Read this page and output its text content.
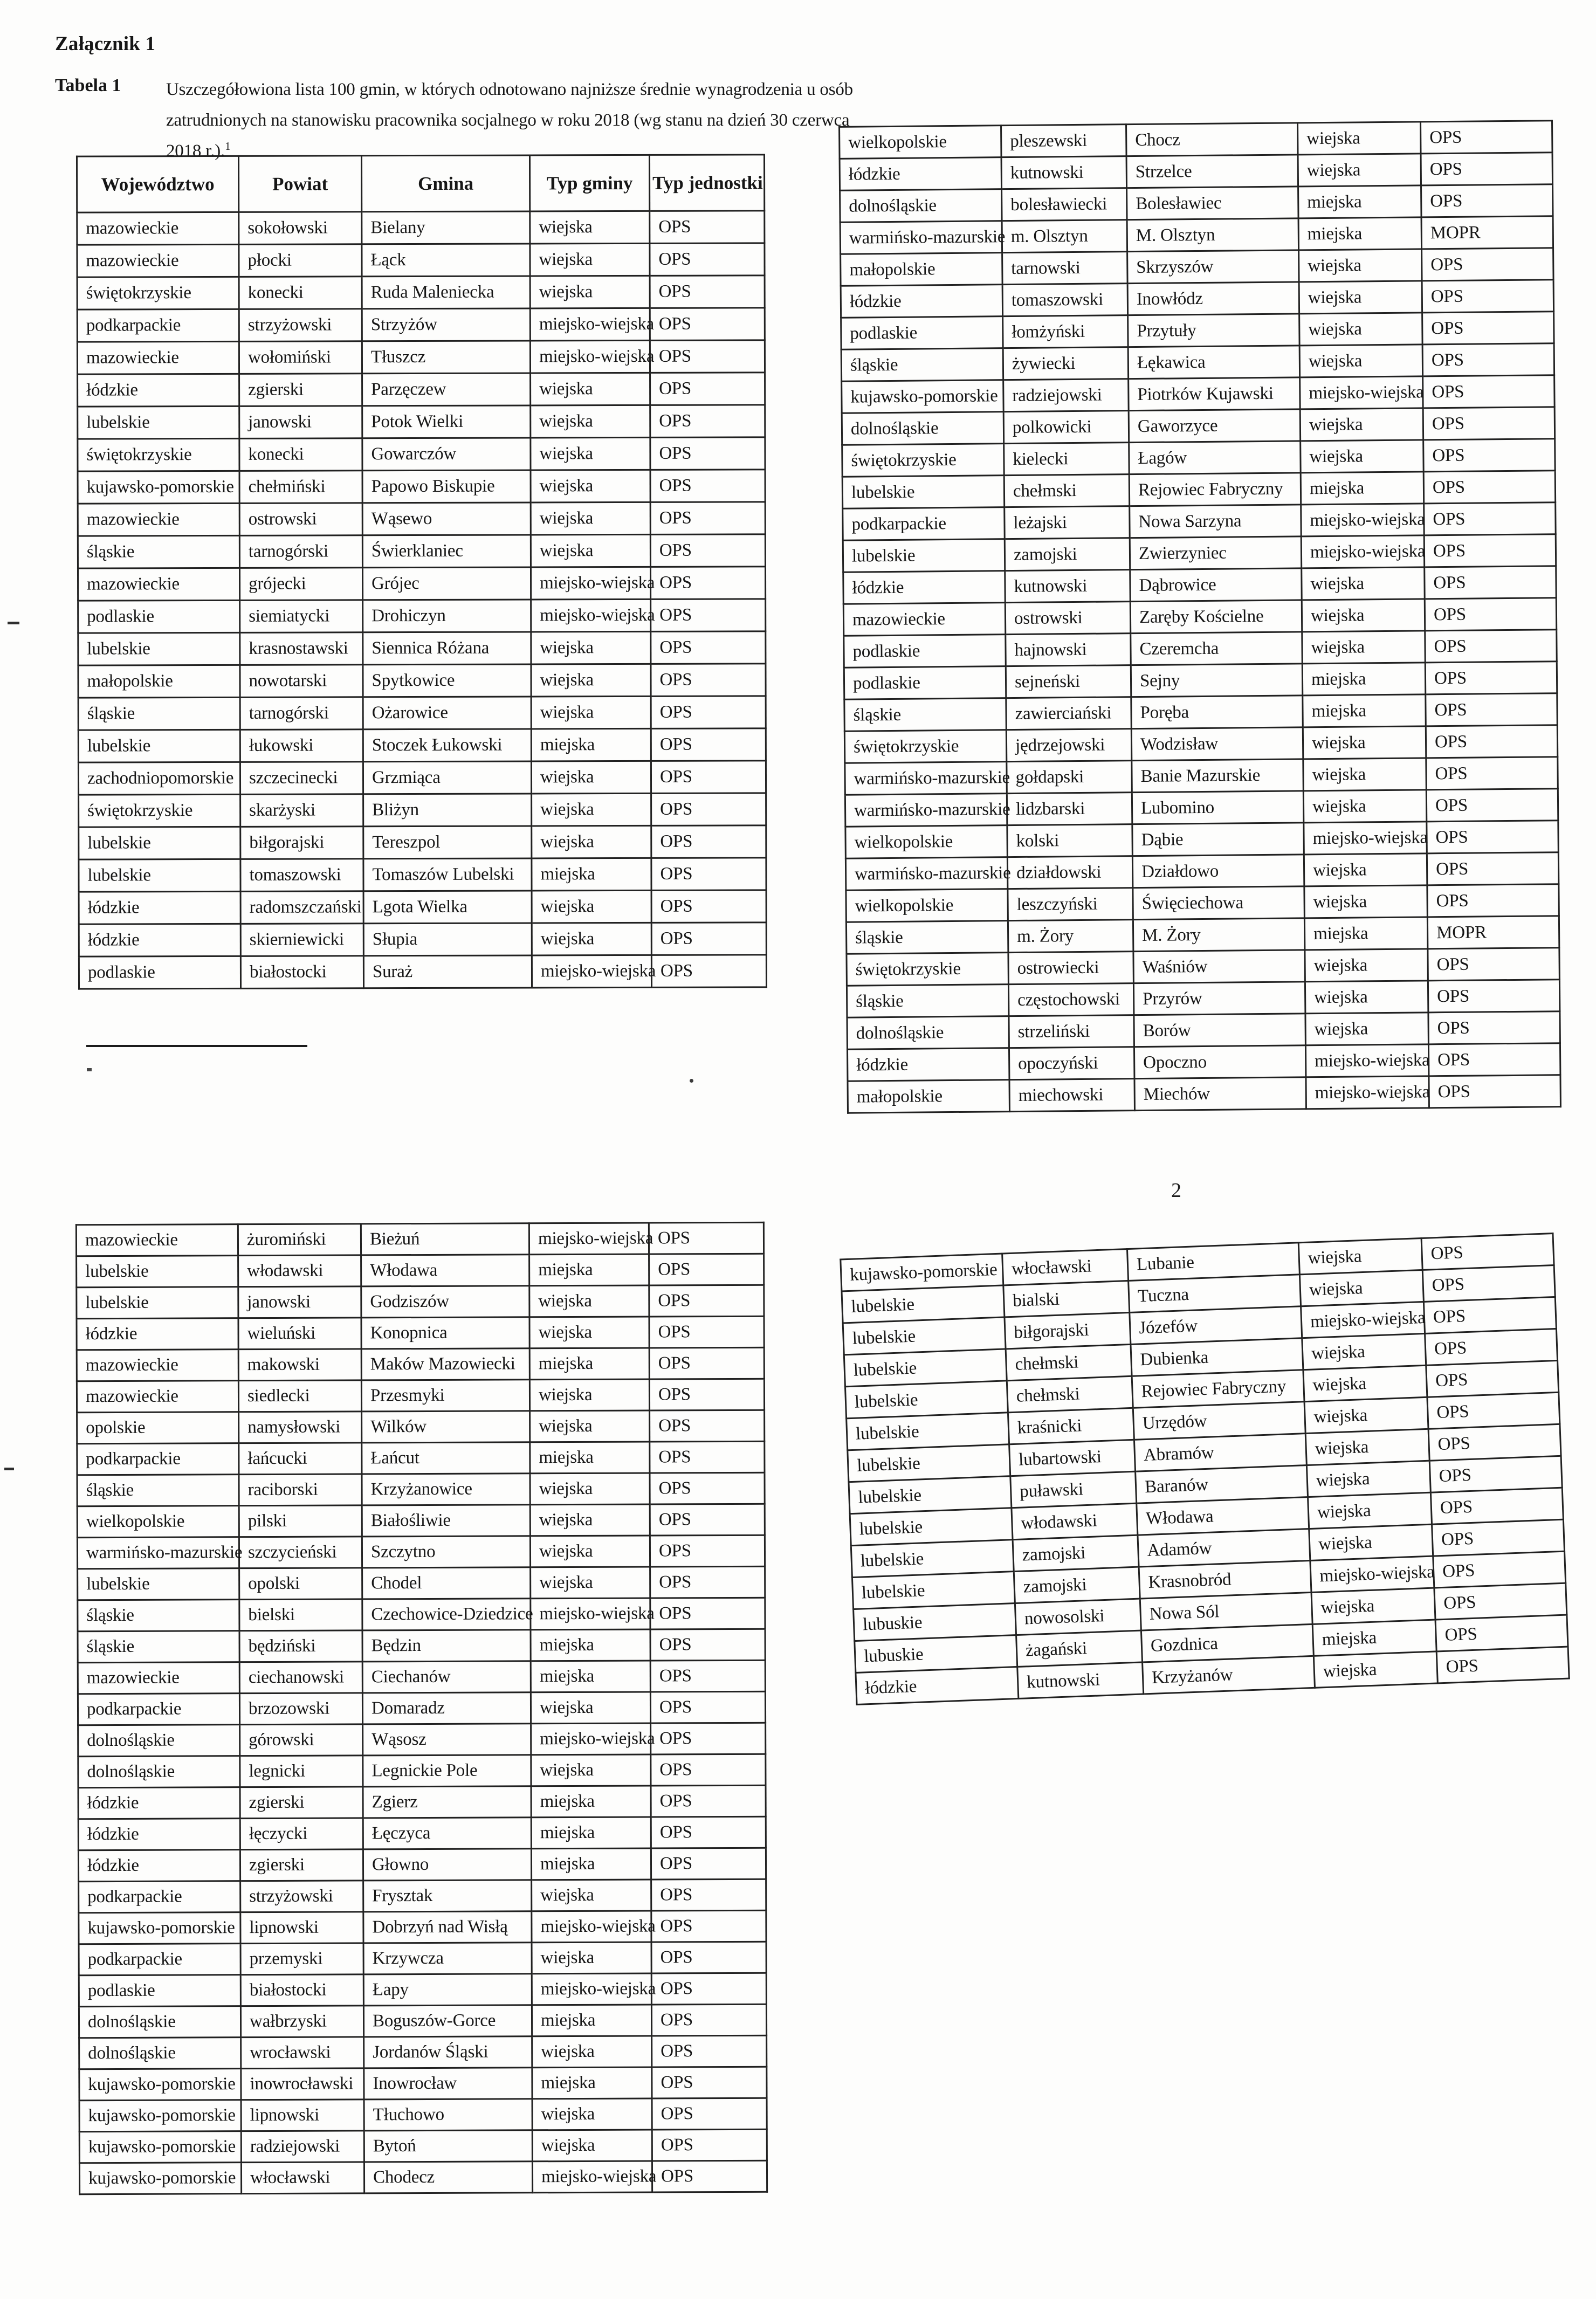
Załącznik 1
Tabela 1	Uszczegółowiona lista 100 gmin, w których odnotowano najniższe średnie wynagrodzenia u osób
zatrudnionych na stanowisku pracownika socjalnego w roku 2018 (wg stanu na dzień 30 czerwca
2018 r.).$^1$
Województwo	Powiat	Gmina	Typ gminy	Typ jednostki
mazowieckie	sokołowski	Bielany	wiejska	OPS
mazowieckie	płocki	Łąck	wiejska	OPS
świętokrzyskie	konecki	Ruda Maleniecka	wiejska	OPS
podkarpackie	strzyżowski	Strzyżów	miejsko-wiejska	OPS
mazowieckie	wołomiński	Tłuszcz	miejsko-wiejska	OPS
łódzkie	zgierski	Parzęczew	wiejska	OPS
lubelskie	janowski	Potok Wielki	wiejska	OPS
świętokrzyskie	konecki	Gowarczów	wiejska	OPS
kujawsko-pomorskie	chełmiński	Papowo Biskupie	wiejska	OPS
mazowieckie	ostrowski	Wąsewo	wiejska	OPS
śląskie	tarnogórski	Świerklaniec	wiejska	OPS
mazowieckie	grójecki	Grójec	miejsko-wiejska	OPS
podlaskie	siemiatycki	Drohiczyn	miejsko-wiejska	OPS
lubelskie	krasnostawski	Siennica Różana	wiejska	OPS
małopolskie	nowotarski	Spytkowice	wiejska	OPS
śląskie	tarnogórski	Ożarowice	wiejska	OPS
lubelskie	łukowski	Stoczek Łukowski	miejska	OPS
zachodniopomorskie	szczecinecki	Grzmiąca	wiejska	OPS
świętokrzyskie	skarżyski	Bliżyn	wiejska	OPS
lubelskie	biłgorajski	Tereszpol	wiejska	OPS
lubelskie	tomaszowski	Tomaszów Lubelski	miejska	OPS
łódzkie	radomszczański	Lgota Wielka	wiejska	OPS
łódzkie	skierniewicki	Słupia	wiejska	OPS
podlaskie	białostocki	Suraż	miejsko-wiejska	OPS
wielkopolskie	pleszewski	Chocz	wiejska	OPS
łódzkie	kutnowski	Strzelce	wiejska	OPS
dolnośląskie	bolesławiecki	Bolesławiec	miejska	OPS
warmińsko-mazurskie	m. Olsztyn	M. Olsztyn	miejska	MOPR
małopolskie	tarnowski	Skrzyszów	wiejska	OPS
łódzkie	tomaszowski	Inowłódz	wiejska	OPS
podlaskie	łomżyński	Przytuły	wiejska	OPS
śląskie	żywiecki	Łękawica	wiejska	OPS
kujawsko-pomorskie	radziejowski	Piotrków Kujawski	miejsko-wiejska	OPS
dolnośląskie	polkowicki	Gaworzyce	wiejska	OPS
świętokrzyskie	kielecki	Łagów	wiejska	OPS
lubelskie	chełmski	Rejowiec Fabryczny	miejska	OPS
podkarpackie	leżajski	Nowa Sarzyna	miejsko-wiejska	OPS
lubelskie	zamojski	Zwierzyniec	miejsko-wiejska	OPS
łódzkie	kutnowski	Dąbrowice	wiejska	OPS
mazowieckie	ostrowski	Zaręby Kościelne	wiejska	OPS
podlaskie	hajnowski	Czeremcha	wiejska	OPS
podlaskie	sejneński	Sejny	miejska	OPS
śląskie	zawierciański	Poręba	miejska	OPS
świętokrzyskie	jędrzejowski	Wodzisław	wiejska	OPS
warmińsko-mazurskie	gołdapski	Banie Mazurskie	wiejska	OPS
warmińsko-mazurskie	lidzbarski	Lubomino	wiejska	OPS
wielkopolskie	kolski	Dąbie	miejsko-wiejska	OPS
warmińsko-mazurskie	działdowski	Działdowo	wiejska	OPS
wielkopolskie	leszczyński	Święciechowa	wiejska	OPS
śląskie	m. Żory	M. Żory	miejska	MOPR
świętokrzyskie	ostrowiecki	Waśniów	wiejska	OPS
śląskie	częstochowski	Przyrów	wiejska	OPS
dolnośląskie	strzeliński	Borów	wiejska	OPS
łódzkie	opoczyński	Opoczno	miejsko-wiejska	OPS
małopolskie	miechowski	Miechów	miejsko-wiejska	OPS
2
mazowieckie	żuromiński	Bieżuń	miejsko-wiejska	OPS
lubelskie	włodawski	Włodawa	miejska	OPS
lubelskie	janowski	Godziszów	wiejska	OPS
łódzkie	wieluński	Konopnica	wiejska	OPS
mazowieckie	makowski	Maków Mazowiecki	miejska	OPS
mazowieckie	siedlecki	Przesmyki	wiejska	OPS
opolskie	namysłowski	Wilków	wiejska	OPS
podkarpackie	łańcucki	Łańcut	miejska	OPS
śląskie	raciborski	Krzyżanowice	wiejska	OPS
wielkopolskie	pilski	Białośliwie	wiejska	OPS
warmińsko-mazurskie	szczycieński	Szczytno	wiejska	OPS
lubelskie	opolski	Chodel	wiejska	OPS
śląskie	bielski	Czechowice-Dziedzice	miejsko-wiejska	OPS
śląskie	będziński	Będzin	miejska	OPS
mazowieckie	ciechanowski	Ciechanów	miejska	OPS
podkarpackie	brzozowski	Domaradz	wiejska	OPS
dolnośląskie	górowski	Wąsosz	miejsko-wiejska	OPS
dolnośląskie	legnicki	Legnickie Pole	wiejska	OPS
łódzkie	zgierski	Zgierz	miejska	OPS
łódzkie	łęczycki	Łęczyca	miejska	OPS
łódzkie	zgierski	Głowno	miejska	OPS
podkarpackie	strzyżowski	Frysztak	wiejska	OPS
kujawsko-pomorskie	lipnowski	Dobrzyń nad Wisłą	miejsko-wiejska	OPS
podkarpackie	przemyski	Krzywcza	wiejska	OPS
podlaskie	białostocki	Łapy	miejsko-wiejska	OPS
dolnośląskie	wałbrzyski	Boguszów-Gorce	miejska	OPS
dolnośląskie	wrocławski	Jordanów Śląski	wiejska	OPS
kujawsko-pomorskie	inowrocławski	Inowrocław	miejska	OPS
kujawsko-pomorskie	lipnowski	Tłuchowo	wiejska	OPS
kujawsko-pomorskie	radziejowski	Bytoń	wiejska	OPS
kujawsko-pomorskie	włocławski	Chodecz	miejsko-wiejska	OPS
kujawsko-pomorskie	włocławski	Lubanie	wiejska	OPS
lubelskie	bialski	Tuczna	wiejska	OPS
lubelskie	biłgorajski	Józefów	miejsko-wiejska	OPS
lubelskie	chełmski	Dubienka	wiejska	OPS
lubelskie	chełmski	Rejowiec Fabryczny	wiejska	OPS
lubelskie	kraśnicki	Urzędów	wiejska	OPS
lubelskie	lubartowski	Abramów	wiejska	OPS
lubelskie	puławski	Baranów	wiejska	OPS
lubelskie	włodawski	Włodawa	wiejska	OPS
lubelskie	zamojski	Adamów	wiejska	OPS
lubelskie	zamojski	Krasnobród	miejsko-wiejska	OPS
lubuskie	nowosolski	Nowa Sól	wiejska	OPS
lubuskie	żagański	Gozdnica	miejska	OPS
łódzkie	kutnowski	Krzyżanów	wiejska	OPS
